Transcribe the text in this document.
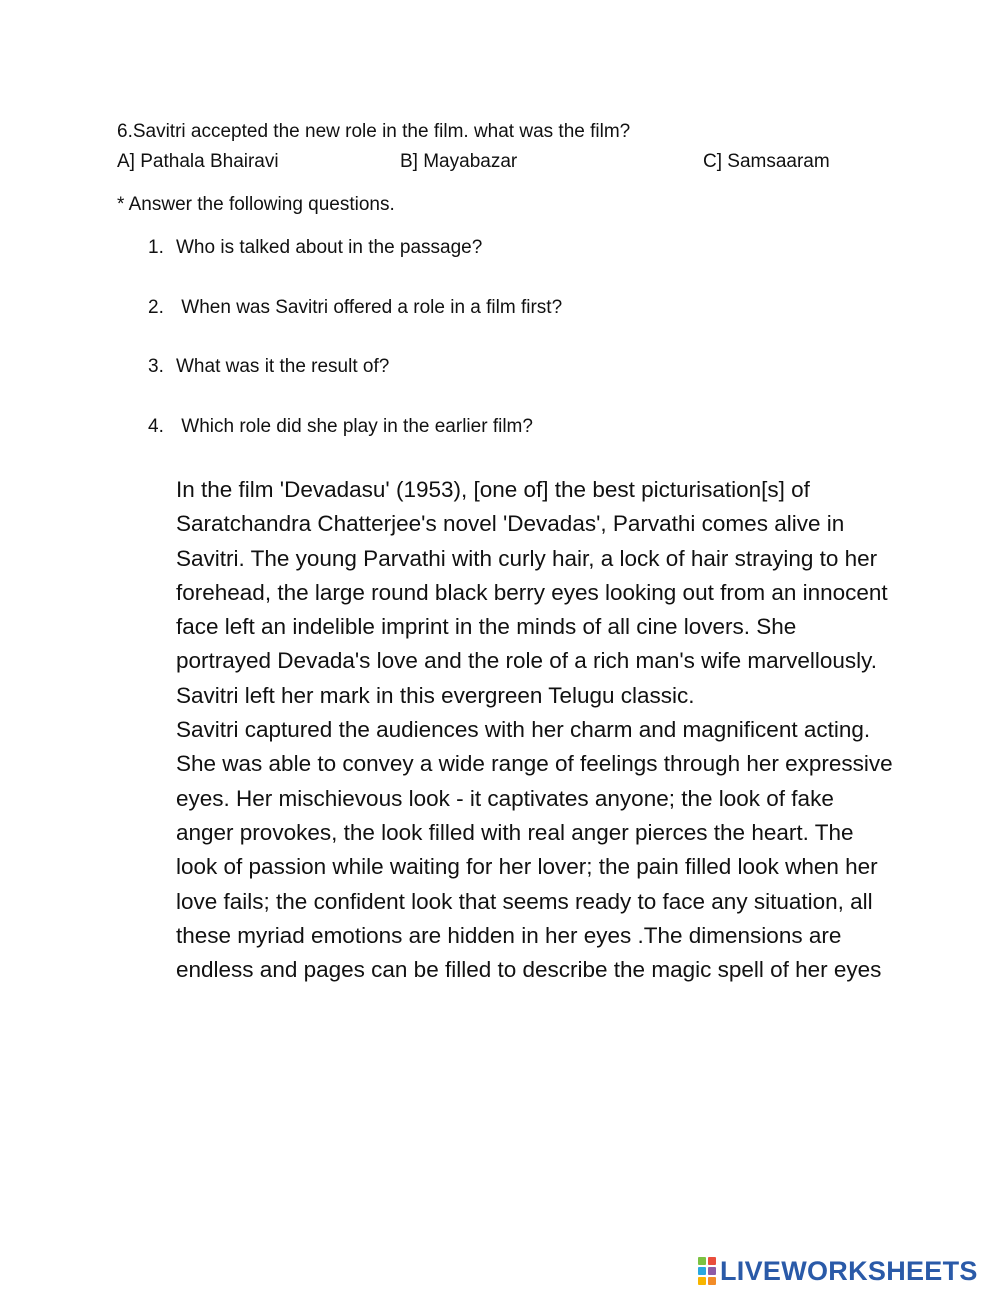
6.Savitri accepted the new role in the film. what was the film?
A] Pathala Bhairavi	B] Mayabazar	C] Samsaaram
* Answer the following questions.
1. Who is talked about in the passage?
2. When was Savitri offered a role in a film first?
3. What was it the result of?
4. Which role did she play in the earlier film?

In the film 'Devadasu' (1953), [one of] the best picturisation[s] of Saratchandra Chatterjee's novel 'Devadas', Parvathi comes alive in Savitri. The young Parvathi with curly hair, a lock of hair straying to her forehead, the large round black berry eyes looking out from an innocent face left an indelible imprint in the minds of all cine lovers. She portrayed Devada's love and the role of a rich man's wife marvellously. Savitri left her mark in this evergreen Telugu classic.

Savitri captured the audiences with her charm and magnificent acting. She was able to convey a wide range of feelings through her expressive eyes. Her mischievous look - it captivates anyone; the look of fake anger provokes, the look filled with real anger pierces the heart. The look of passion while waiting for her lover; the pain filled look when her love fails; the confident look that seems ready to face any situation, all these myriad emotions are hidden in her eyes .The dimensions are endless and pages can be filled to describe the magic spell of her eyes

LIVEWORKSHEETS
